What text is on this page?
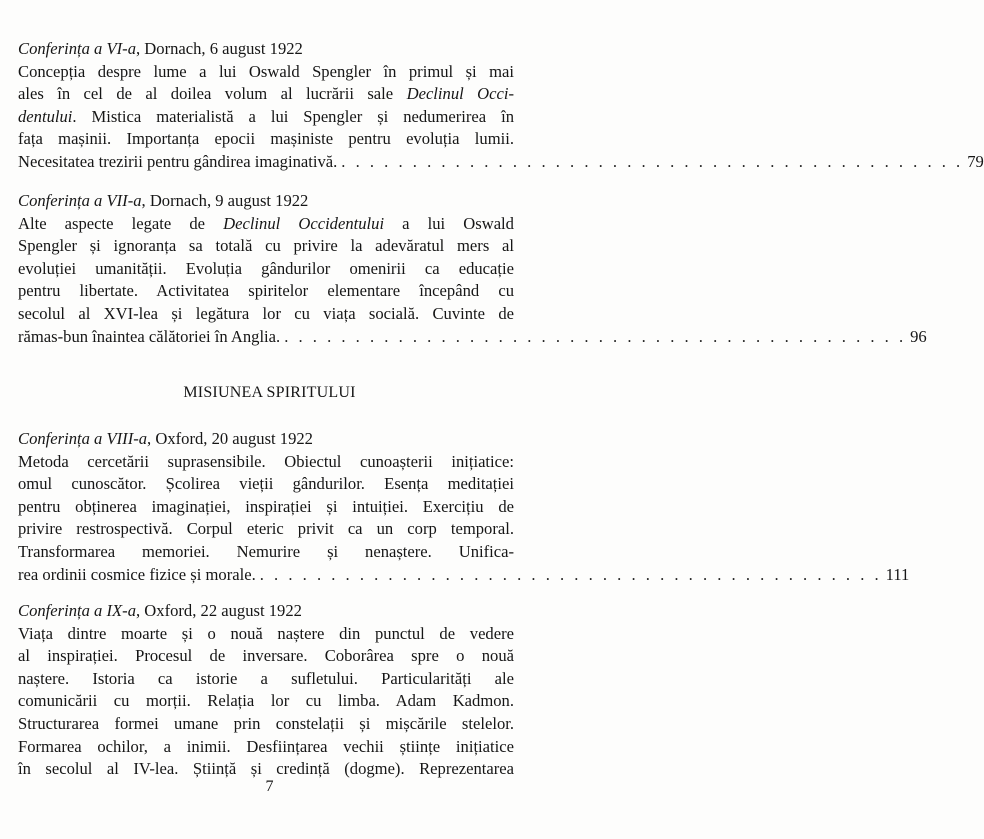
Conferința a VI-a, Dornach, 6 august 1922
Concepția despre lume a lui Oswald Spengler în primul și mai
ales în cel de al doilea volum al lucrării sale Declinul Occi-
dentului. Mistica materialistă a lui Spengler și nedumerirea în
fața mașinii. Importanța epocii mașiniste pentru evoluția lumii.
Necesitatea trezirii pentru gândirea imaginativă. . . . . . . . . . . . . . . . . . . . . . . . . . . . . . . . . . . . . . . . . . . . . 79
Conferința a VII-a, Dornach, 9 august 1922
Alte aspecte legate de Declinul Occidentului a lui Oswald
Spengler și ignoranța sa totală cu privire la adevăratul mers al
evoluției umanității. Evoluția gândurilor omenirii ca educație
pentru libertate. Activitatea spiritelor elementare începând cu
secolul al XVI-lea și legătura lor cu viața socială. Cuvinte de
rămas-bun înaintea călătoriei în Anglia. . . . . . . . . . . . . . . . . . . . . . . . . . . . . . . . . . . . . . . . . . . . . 96
MISIUNEA SPIRITULUI
Conferința a VIII-a, Oxford, 20 august 1922
Metoda cercetării suprasensibile. Obiectul cunoașterii inițiatice:
omul cunoscător. Școlirea vieții gândurilor. Esența meditației
pentru obținerea imaginației, inspirației și intuiției. Exercițiu de
privire restrospectivă. Corpul eteric privit ca un corp temporal.
Transformarea memoriei. Nemurire și nenaștere. Unifica-
rea ordinii cosmice fizice și morale. . . . . . . . . . . . . . . . . . . . . . . . . . . . . . . . . . . . . . . . . . . . . 111
Conferința a IX-a, Oxford, 22 august 1922
Viața dintre moarte și o nouă naștere din punctul de vedere
al inspirației. Procesul de inversare. Coborârea spre o nouă
naștere. Istoria ca istorie a sufletului. Particularități ale
comunicării cu morții. Relația lor cu limba. Adam Kadmon.
Structurarea formei umane prin constelații și mișcările stelelor.
Formarea ochilor, a inimii. Desființarea vechii științe inițiatice
în secolul al IV-lea. Știință și credință (dogme). Reprezentarea
7
